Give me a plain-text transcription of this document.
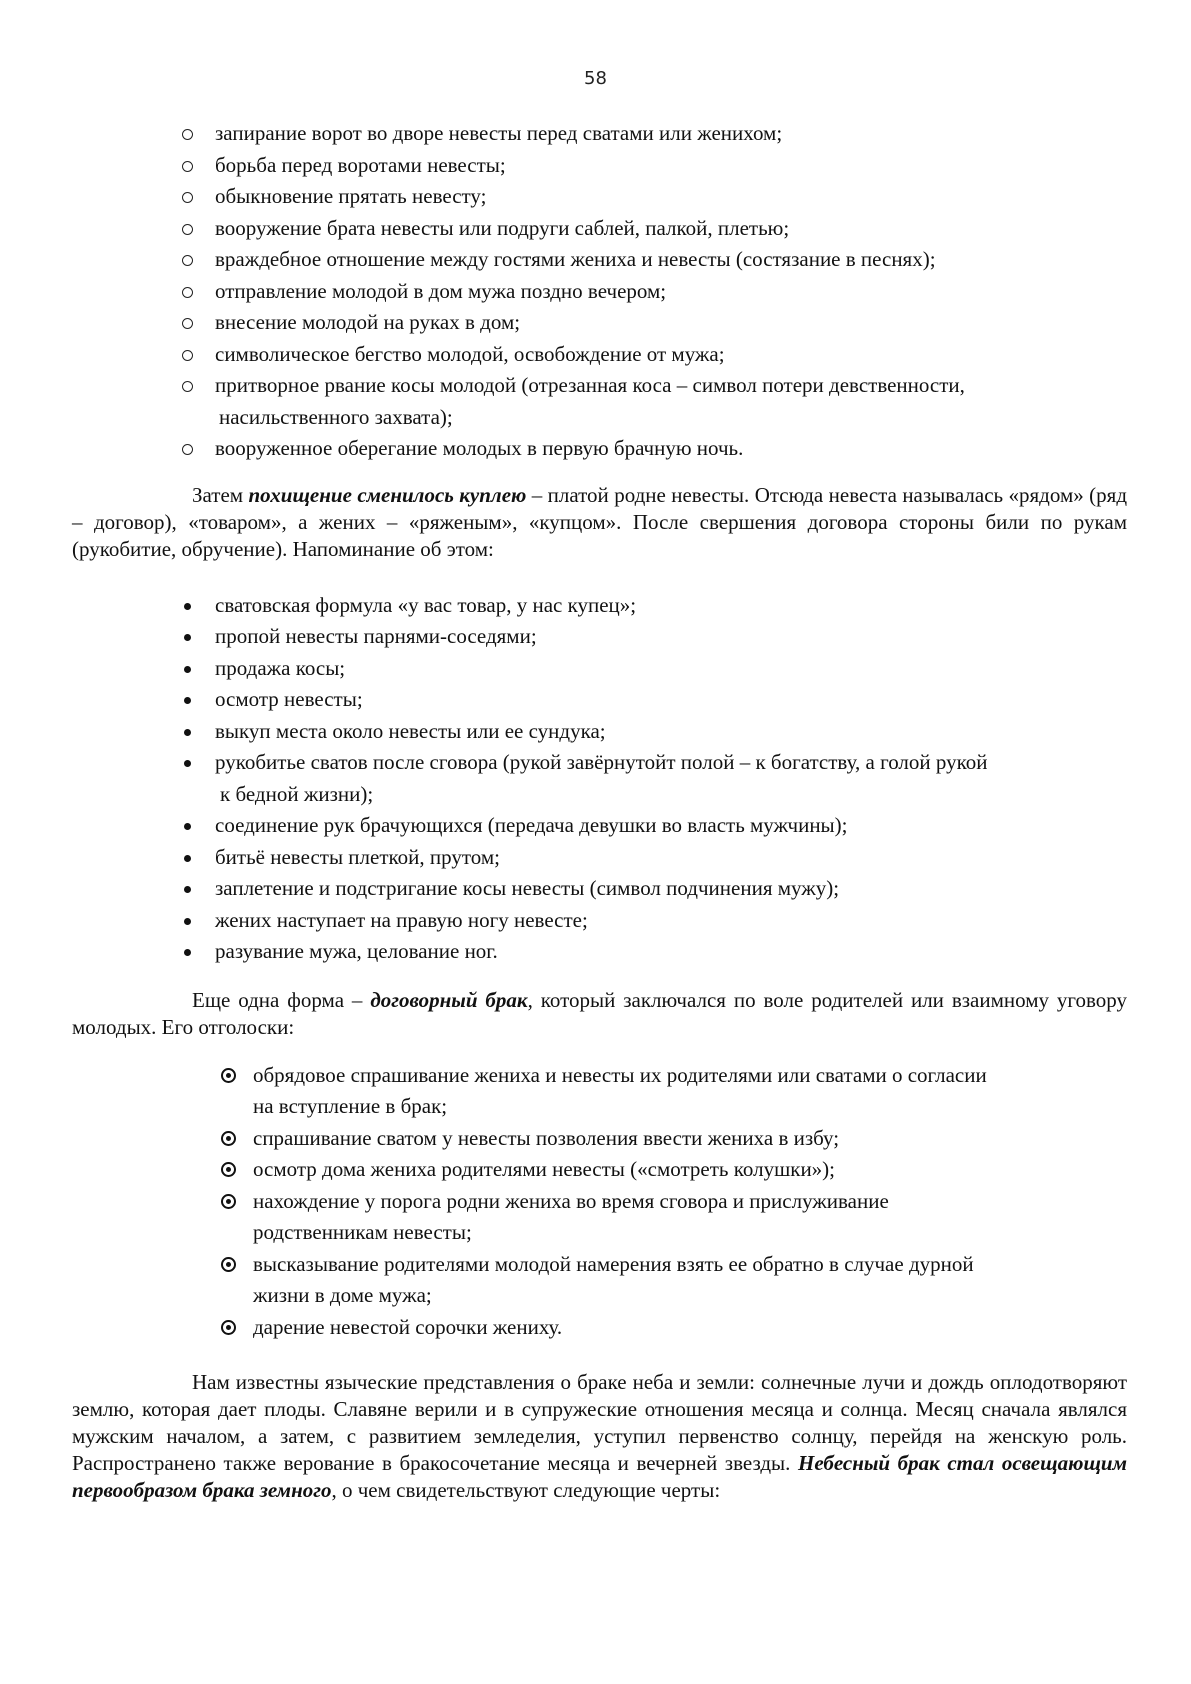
58
запирание ворот во дворе невесты перед сватами или женихом;
борьба перед воротами невесты;
обыкновение прятать невесту;
вооружение брата невесты или подруги саблей, палкой, плетью;
враждебное отношение между гостями жениха и невесты (состязание в песнях);
отправление молодой в дом мужа поздно вечером;
внесение молодой на руках в дом;
символическое бегство молодой, освобождение от мужа;
притворное рвание косы молодой (отрезанная коса – символ потери девственности,
насильственного захвата);
вооруженное оберегание молодых в первую брачную ночь.

Затем похищение сменилось куплею – платой родне невесты. Отсюда невеста называлась «рядом» (ряд – договор), «товаром», а жених – «ряженым», «купцом». После свершения договора стороны били по рукам (рукобитие, обручение). Напоминание об этом:

сватовская формула «у вас товар, у нас купец»;
пропой невесты парнями-соседями;
продажа косы;
осмотр невесты;
выкуп места около невесты или ее сундука;
рукобитье сватов после сговора (рукой завёрнутойт полой – к богатству, а голой рукой
к бедной жизни);
соединение рук брачующихся (передача девушки во власть мужчины);
битьё невесты плеткой, прутом;
заплетение и подстригание косы невесты (символ подчинения мужу);
жених наступает на правую ногу невесте;
разувание мужа, целование ног.

Еще одна форма – договорный брак, который заключался по воле родителей или взаимному уговору молодых. Его отголоски:

обрядовое спрашивание жениха и невесты их родителями или сватами о согласии
на вступление в брак;
спрашивание сватом у невесты позволения ввести жениха в избу;
осмотр дома жениха родителями невесты («смотреть колушки»);
нахождение у порога родни жениха во время сговора и прислуживание
родственникам невесты;
высказывание родителями молодой намерения взять ее обратно в случае дурной
жизни в доме мужа;
дарение невестой сорочки жениху.

Нам известны языческие представления о браке неба и земли: солнечные лучи и дождь оплодотворяют землю, которая дает плоды. Славяне верили и в супружеские отношения месяца и солнца. Месяц сначала являлся мужским началом, а затем, с развитием земледелия, уступил первенство солнцу, перейдя на женскую роль. Распространено также верование в бракосочетание месяца и вечерней звезды. Небесный брак стал освещающим первообразом брака земного, о чем свидетельствуют следующие черты:
